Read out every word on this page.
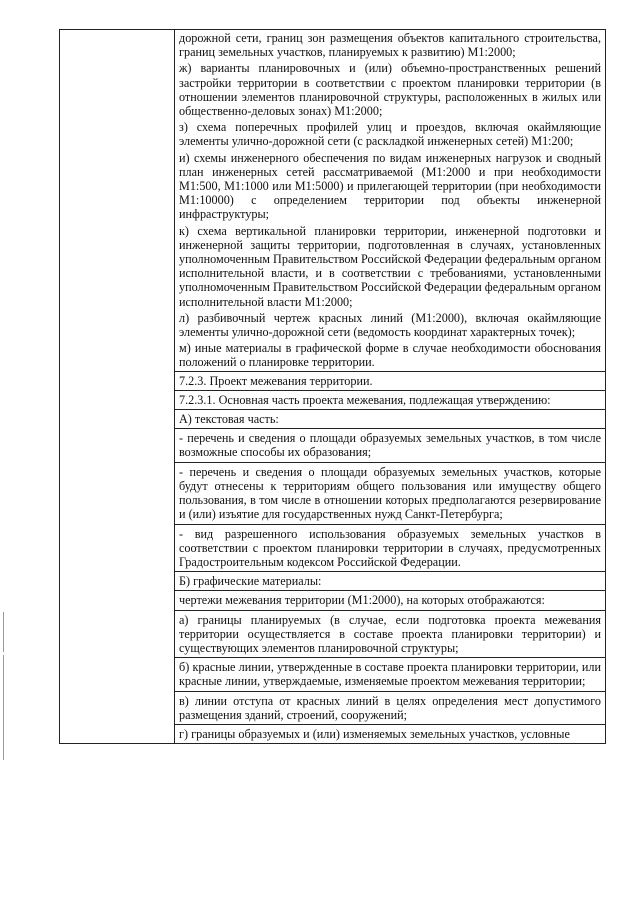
дорожной сети, границ зон размещения объектов капитального строительства, границ земельных участков, планируемых к развитию) М1:2000;
ж) варианты планировочных и (или) объемно-пространственных решений застройки территории в соответствии с проектом планировки территории (в отношении элементов планировочной структуры, расположенных в жилых или общественно-деловых зонах) М1:2000;
з) схема поперечных профилей улиц и проездов, включая окаймляющие элементы улично-дорожной сети (с раскладкой инженерных сетей) М1:200;
и) схемы инженерного обеспечения по видам инженерных нагрузок и сводный план инженерных сетей рассматриваемой (М1:2000 и при необходимости М1:500, М1:1000 или М1:5000) и прилегающей территории (при необходимости М1:10000) с определением территории под объекты инженерной инфраструктуры;
к) схема вертикальной планировки территории, инженерной подготовки и инженерной защиты территории, подготовленная в случаях, установленных уполномоченным Правительством Российской Федерации федеральным органом исполнительной власти, и в соответствии с требованиями, установленными уполномоченным Правительством Российской Федерации федеральным органом исполнительной власти М1:2000;
л) разбивочный чертеж красных линий (М1:2000), включая окаймляющие элементы улично-дорожной сети (ведомость координат характерных точек);
м) иные материалы в графической форме в случае необходимости обоснования положений о планировке территории.
7.2.3. Проект межевания территории.
7.2.3.1. Основная часть проекта межевания, подлежащая утверждению:
А) текстовая часть:
- перечень и сведения о площади образуемых земельных участков, в том числе возможные способы их образования;
- перечень и сведения о площади образуемых земельных участков, которые будут отнесены к территориям общего пользования или имуществу общего пользования, в том числе в отношении которых предполагаются резервирование и (или) изъятие для государственных нужд Санкт-Петербурга;
- вид разрешенного использования образуемых земельных участков в соответствии с проектом планировки территории в случаях, предусмотренных Градостроительным кодексом Российской Федерации.
Б) графические материалы:
чертежи межевания территории (М1:2000), на которых отображаются:
а) границы планируемых (в случае, если подготовка проекта межевания территории осуществляется в составе проекта планировки территории) и существующих элементов планировочной структуры;
б) красные линии, утвержденные в составе проекта планировки территории, или красные линии, утверждаемые, изменяемые проектом межевания территории;
в) линии отступа от красных линий в целях определения мест допустимого размещения зданий, строений, сооружений;
г) границы образуемых и (или) изменяемых земельных участков, условные
